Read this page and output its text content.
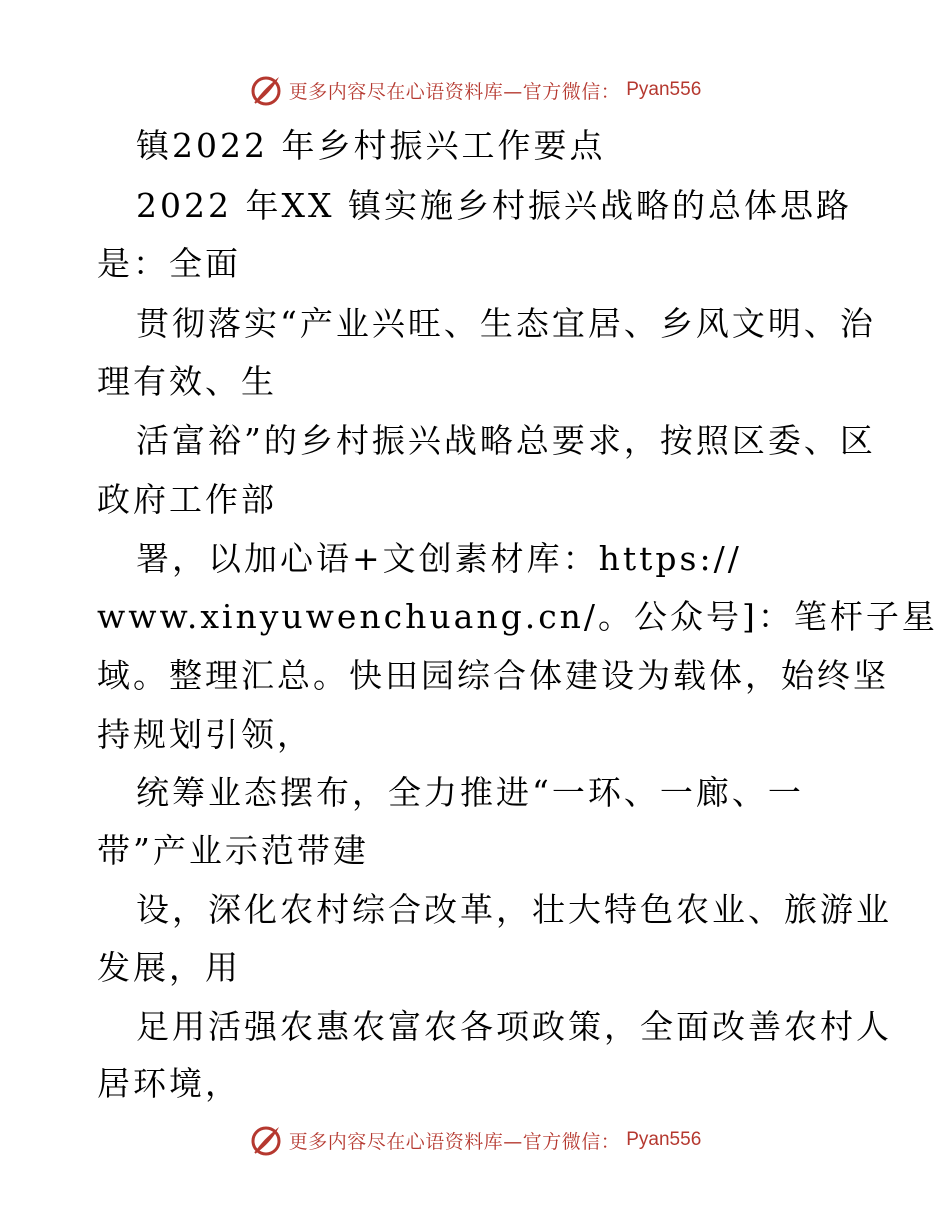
更多内容尽在心语资料库—官方微信： Pyan556
镇2022 年乡村振兴工作要点
2022 年XX 镇实施乡村振兴战略的总体思路
是：全面
贯彻落实“产业兴旺、生态宜居、乡风文明、治
理有效、生
活富裕”的乡村振兴战略总要求，按照区委、区
政府工作部
署，以加心语+文创素材库：https://
www.xinyuwenchuang.cn/。公众号]：笔杆子星
域。整理汇总。快田园综合体建设为载体，始终坚
持规划引领，
统筹业态摆布，全力推进“一环、一廊、一
带”产业示范带建
设，深化农村综合改革，壮大特色农业、旅游业
发展，用
足用活强农惠农富农各项政策，全面改善农村人
居环境，
更多内容尽在心语资料库—官方微信： Pyan556
